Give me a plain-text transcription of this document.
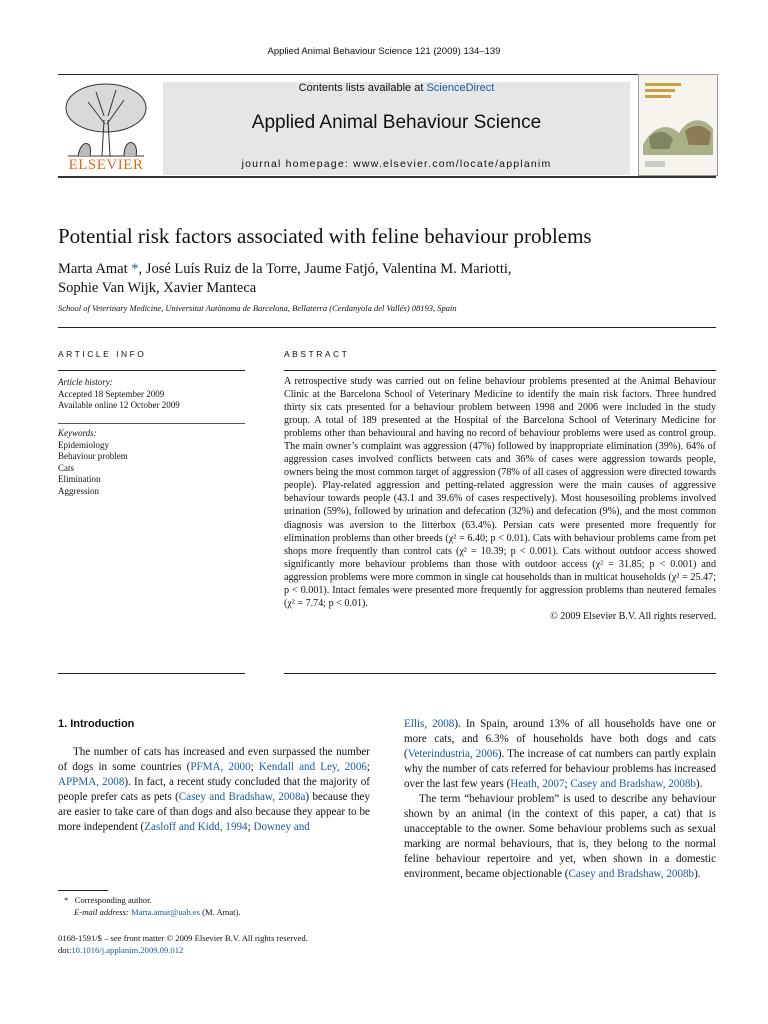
Applied Animal Behaviour Science 121 (2009) 134–139
ELSEVIER
Contents lists available at ScienceDirect
Applied Animal Behaviour Science
journal homepage: www.elsevier.com/locate/applanim
Potential risk factors associated with feline behaviour problems
Marta Amat *, José Luís Ruiz de la Torre, Jaume Fatjó, Valentina M. Mariotti,
Sophie Van Wijk, Xavier Manteca
School of Veterinary Medicine, Universitat Autònoma de Barcelona, Bellaterra (Cerdanyola del Vallés) 08193, Spain
ARTICLE INFO
Article history:
Accepted 18 September 2009
Available online 12 October 2009
Keywords:
Epidemiology
Behaviour problem
Cats
Elimination
Aggression
ABSTRACT

A retrospective study was carried out on feline behaviour problems presented at the Animal Behaviour Clinic at the Barcelona School of Veterinary Medicine to identify the main risk factors. Three hundred thirty six cats presented for a behaviour problem between 1998 and 2006 were included in the study group. A total of 189 presented at the Hospital of the Barcelona School of Veterinary Medicine for problems other than behavioural and having no record of behaviour problems were used as control group. The main owner’s complaint was aggression (47%) followed by inappropriate elimination (39%). 64% of aggression cases involved conflicts between cats and 36% of cases were aggression towards people, owners being the most common target of aggression (78% of all cases of aggression were directed towards people). Play-related aggression and petting-related aggression were the main causes of aggressive behaviour towards people (43.1 and 39.6% of cases respectively). Most housesoiling problems involved urination (59%), followed by urination and defecation (32%) and defecation (9%), and the most common diagnosis was aversion to the litterbox (63.4%). Persian cats were presented more frequently for elimination problems than other breeds (χ² = 6.40; p < 0.01). Cats with behaviour problems came from pet shops more frequently than control cats (χ² = 10.39; p < 0.001). Cats without outdoor access showed significantly more behaviour problems than those with outdoor access (χ² = 31.85; p < 0.001) and aggression problems were more common in single cat households than in multicat households (χ² = 25.47; p < 0.001). Intact females were presented more frequently for aggression problems than neutered females (χ² = 7.74; p < 0.01).

© 2009 Elsevier B.V. All rights reserved.

1. Introduction

The number of cats has increased and even surpassed the number of dogs in some countries (PFMA, 2000; Kendall and Ley, 2006; APPMA, 2008). In fact, a recent study concluded that the majority of people prefer cats as pets (Casey and Bradshaw, 2008a) because they are easier to take care of than dogs and also because they appear to be more independent (Zasloff and Kidd, 1994; Downey and

Ellis, 2008). In Spain, around 13% of all households have one or more cats, and 6.3% of households have both dogs and cats (Veterindustria, 2006). The increase of cat numbers can partly explain why the number of cats referred for behaviour problems has increased over the last few years (Heath, 2007; Casey and Bradshaw, 2008b).

The term “behaviour problem” is used to describe any behaviour shown by an animal (in the context of this paper, a cat) that is unacceptable to the owner. Some behaviour problems such as sexual marking are normal behaviours, that is, they belong to the normal feline behaviour repertoire and yet, when shown in a domestic environment, became objectionable (Casey and Bradshaw, 2008b).

* Corresponding author.
E-mail address: Marta.amat@uab.es (M. Amat).
0168-1591/$ – see front matter © 2009 Elsevier B.V. All rights reserved.
doi:10.1016/j.applanim.2009.09.012
